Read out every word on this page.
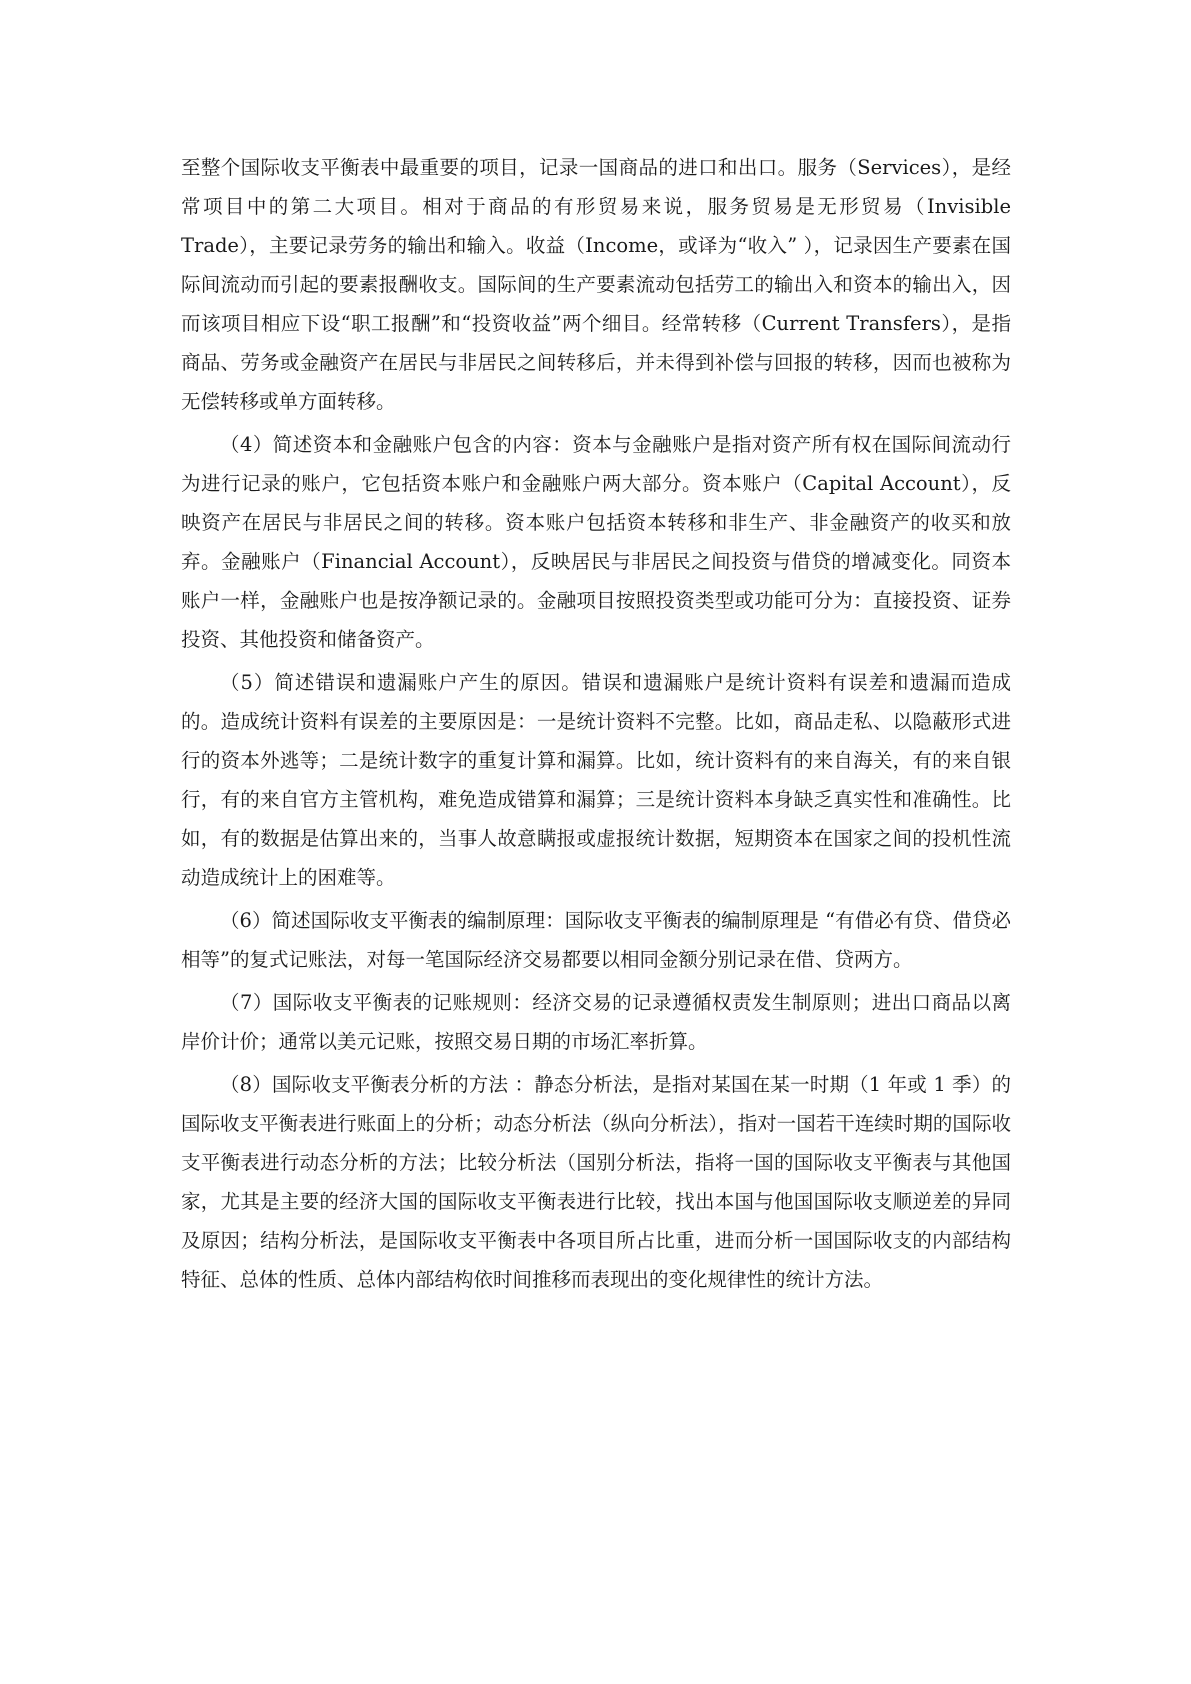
至整个国际收支平衡表中最重要的项目，记录一国商品的进口和出口。服务（Services），是经常项目中的第二大项目。相对于商品的有形贸易来说，服务贸易是无形贸易（Invisible Trade），主要记录劳务的输出和输入。收益（Income，或译为“收入” ），记录因生产要素在国际间流动而引起的要素报酬收支。国际间的生产要素流动包括劳工的输出入和资本的输出入，因而该项目相应下设“职工报酬”和“投资收益”两个细目。经常转移（Current Transfers），是指商品、劳务或金融资产在居民与非居民之间转移后，并未得到补偿与回报的转移，因而也被称为无偿转移或单方面转移。

（4）简述资本和金融账户包含的内容：资本与金融账户是指对资产所有权在国际间流动行为进行记录的账户，它包括资本账户和金融账户两大部分。资本账户（Capital Account），反映资产在居民与非居民之间的转移。资本账户包括资本转移和非生产、非金融资产的收买和放弃。金融账户（Financial Account），反映居民与非居民之间投资与借贷的增减变化。同资本账户一样，金融账户也是按净额记录的。金融项目按照投资类型或功能可分为：直接投资、证券投资、其他投资和储备资产。

（5）简述错误和遗漏账户产生的原因。错误和遗漏账户是统计资料有误差和遗漏而造成的。造成统计资料有误差的主要原因是：一是统计资料不完整。比如，商品走私、以隐蔽形式进行的资本外逃等；二是统计数字的重复计算和漏算。比如，统计资料有的来自海关，有的来自银行，有的来自官方主管机构，难免造成错算和漏算；三是统计资料本身缺乏真实性和准确性。比如，有的数据是估算出来的，当事人故意瞒报或虚报统计数据，短期资本在国家之间的投机性流动造成统计上的困难等。

（6）简述国际收支平衡表的编制原理：国际收支平衡表的编制原理是 “有借必有贷、借贷必相等”的复式记账法，对每一笔国际经济交易都要以相同金额分别记录在借、贷两方。

（7）国际收支平衡表的记账规则：经济交易的记录遵循权责发生制原则；进出口商品以离岸价计价；通常以美元记账，按照交易日期的市场汇率折算。

（8）国际收支平衡表分析的方法 ：静态分析法，是指对某国在某一时期（1 年或 1 季）的国际收支平衡表进行账面上的分析；动态分析法（纵向分析法），指对一国若干连续时期的国际收支平衡表进行动态分析的方法；比较分析法（国别分析法，指将一国的国际收支平衡表与其他国家，尤其是主要的经济大国的国际收支平衡表进行比较，找出本国与他国国际收支顺逆差的异同及原因；结构分析法，是国际收支平衡表中各项目所占比重，进而分析一国国际收支的内部结构特征、总体的性质、总体内部结构依时间推移而表现出的变化规律性的统计方法。
